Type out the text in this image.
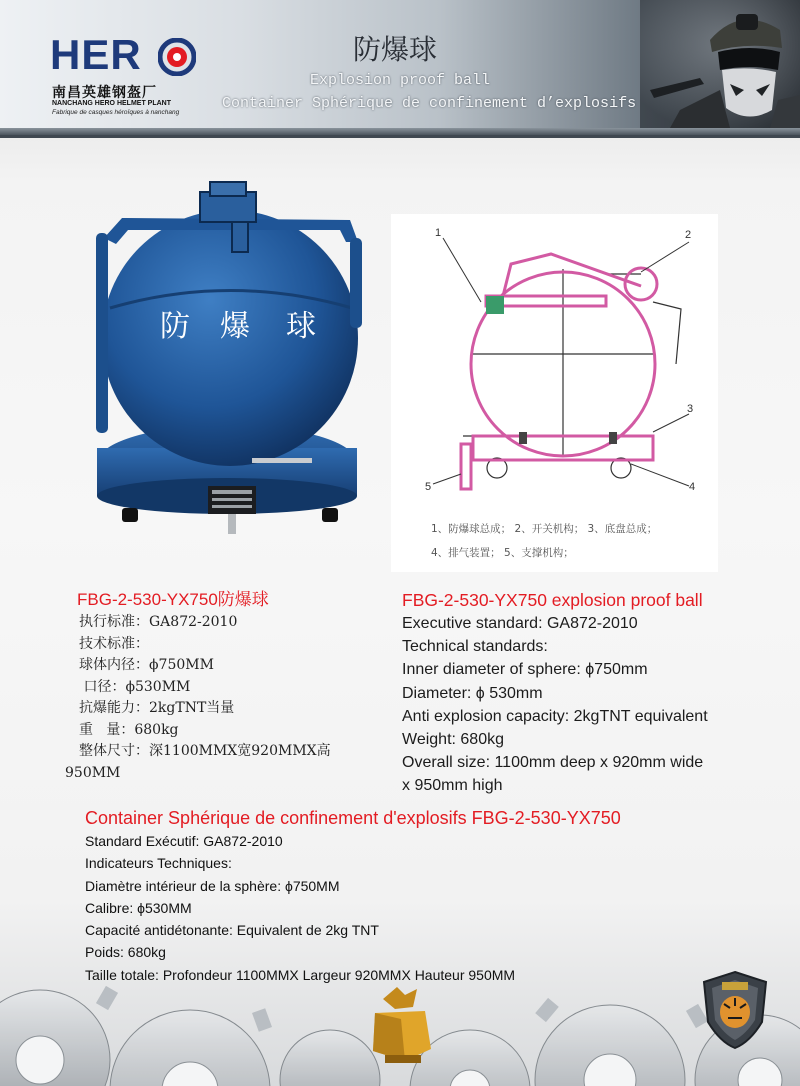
HER
南昌英雄钢盔厂
NANCHANG HERO HELMET PLANT
Fabrique de casques héroïques à nanchang
防爆球
Explosion proof ball
Container Sphérique de confinement d’explosifs
防 爆 球
1	2
3
4
5
1、防爆球总成； 2、开关机构； 3、底盘总成；
4、排气装置； 5、支撑机构；
FBG-2-530-YX750防爆球
执行标准：GA872-2010
技术标准：
球体内径：ϕ750MM
口径：ϕ530MM
抗爆能力：2kgTNT当量
重   量：680kg
整体尺寸：深1100MMX宽920MMX高
950MM
FBG-2-530-YX750 explosion proof ball
Executive standard: GA872-2010
Technical standards:
Inner diameter of sphere: ϕ750mm
Diameter: ϕ 530mm
Anti explosion capacity: 2kgTNT equivalent
Weight: 680kg
Overall size: 1100mm deep x 920mm wide
x 950mm high
Container Sphérique de confinement d'explosifs FBG-2-530-YX750
Standard Exécutif: GA872-2010
Indicateurs Techniques:
Diamètre intérieur de la sphère: ϕ750MM
Calibre: ϕ530MM
Capacité antidétonante: Equivalent de 2kg TNT
Poids: 680kg
Taille totale: Profondeur 1100MMX Largeur 920MMX Hauteur 950MM
